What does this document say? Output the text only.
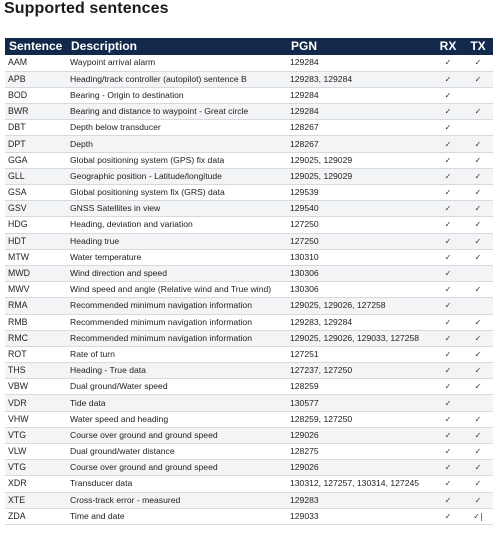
Supported sentences
Sentence	Description	PGN	RX	TX
AAM	Waypoint arrival alarm	129284	✓	✓
APB	Heading/track controller (autopilot) sentence B	129283, 129284	✓	✓
BOD	Bearing - Origin to destination	129284	✓	
BWR	Bearing and distance to waypoint - Great circle	129284	✓	✓
DBT	Depth below transducer	128267	✓	
DPT	Depth	128267	✓	✓
GGA	Global positioning system (GPS) fix data	129025, 129029	✓	✓
GLL	Geographic position - Latitude/longitude	129025, 129029	✓	✓
GSA	Global positioning system fix (GRS) data	129539	✓	✓
GSV	GNSS Satellites in view	129540	✓	✓
HDG	Heading, deviation and variation	127250	✓	✓
HDT	Heading true	127250	✓	✓
MTW	Water temperature	130310	✓	✓
MWD	Wind direction and speed	130306	✓	
MWV	Wind speed and angle (Relative wind and True wind)	130306	✓	✓
RMA	Recommended minimum navigation information	129025, 129026, 127258	✓	
RMB	Recommended minimum navigation information	129283, 129284	✓	✓
RMC	Recommended minimum navigation information	129025, 129026, 129033, 127258	✓	✓
ROT	Rate of turn	127251	✓	✓
THS	Heading - True data	127237, 127250	✓	✓
VBW	Dual ground/Water speed	128259	✓	✓
VDR	Tide data	130577	✓	
VHW	Water speed and heading	128259, 127250	✓	✓
VTG	Course over ground and ground speed	129026	✓	✓
VLW	Dual ground/water distance	128275	✓	✓
VTG	Course over ground and ground speed	129026	✓	✓
XDR	Transducer data	130312, 127257, 130314, 127245	✓	✓
XTE	Cross-track error - measured	129283	✓	✓
ZDA	Time and date	129033	✓	✓|
